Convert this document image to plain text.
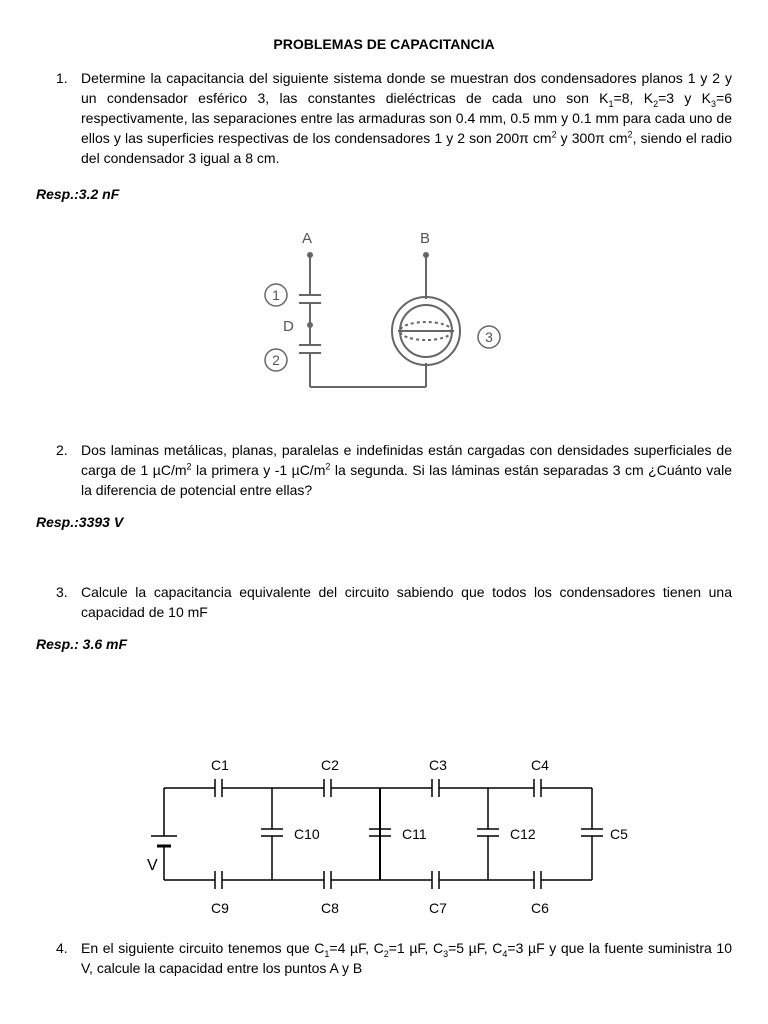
PROBLEMAS DE CAPACITANCIA
1. Determine la capacitancia del siguiente sistema donde se muestran dos condensadores planos 1 y 2 y un condensador esférico 3, las constantes dieléctricas de cada uno son $K_1=8$, $K_2=3$ y $K_3=6$ respectivamente, las separaciones entre las armaduras son 0.4 mm, 0.5 mm y 0.1 mm para cada uno de ellos y las superficies respectivas de los condensadores 1 y 2 son 200π $cm^2$ y 300π $cm^2$, siendo el radio del condensador 3 igual a 8 cm.
Resp.:3.2 nF
A	B
D
1
2
3
2. Dos laminas metálicas, planas, paralelas e indefinidas están cargadas con densidades superficiales de carga de 1 $\mu C/m^2$ la primera y -1 $\mu C/m^2$ la segunda. Si las láminas están separadas 3 cm ¿Cuánto vale la diferencia de potencial entre ellas?
Resp.:3393 V
3. Calcule la capacitancia equivalente del circuito sabiendo que todos los condensadores tienen una capacidad de 10 mF
Resp.: 3.6 mF
C1	C2	C3	C4
C9	C8	C7	C6
C10	C11	C12	C5
V
4. En el siguiente circuito tenemos que $C_1=4$ µF, $C_2=1$ µF, $C_3=5$ µF, $C_4=3$ µF y que la fuente suministra 10 V, calcule la capacidad entre los puntos A y B
